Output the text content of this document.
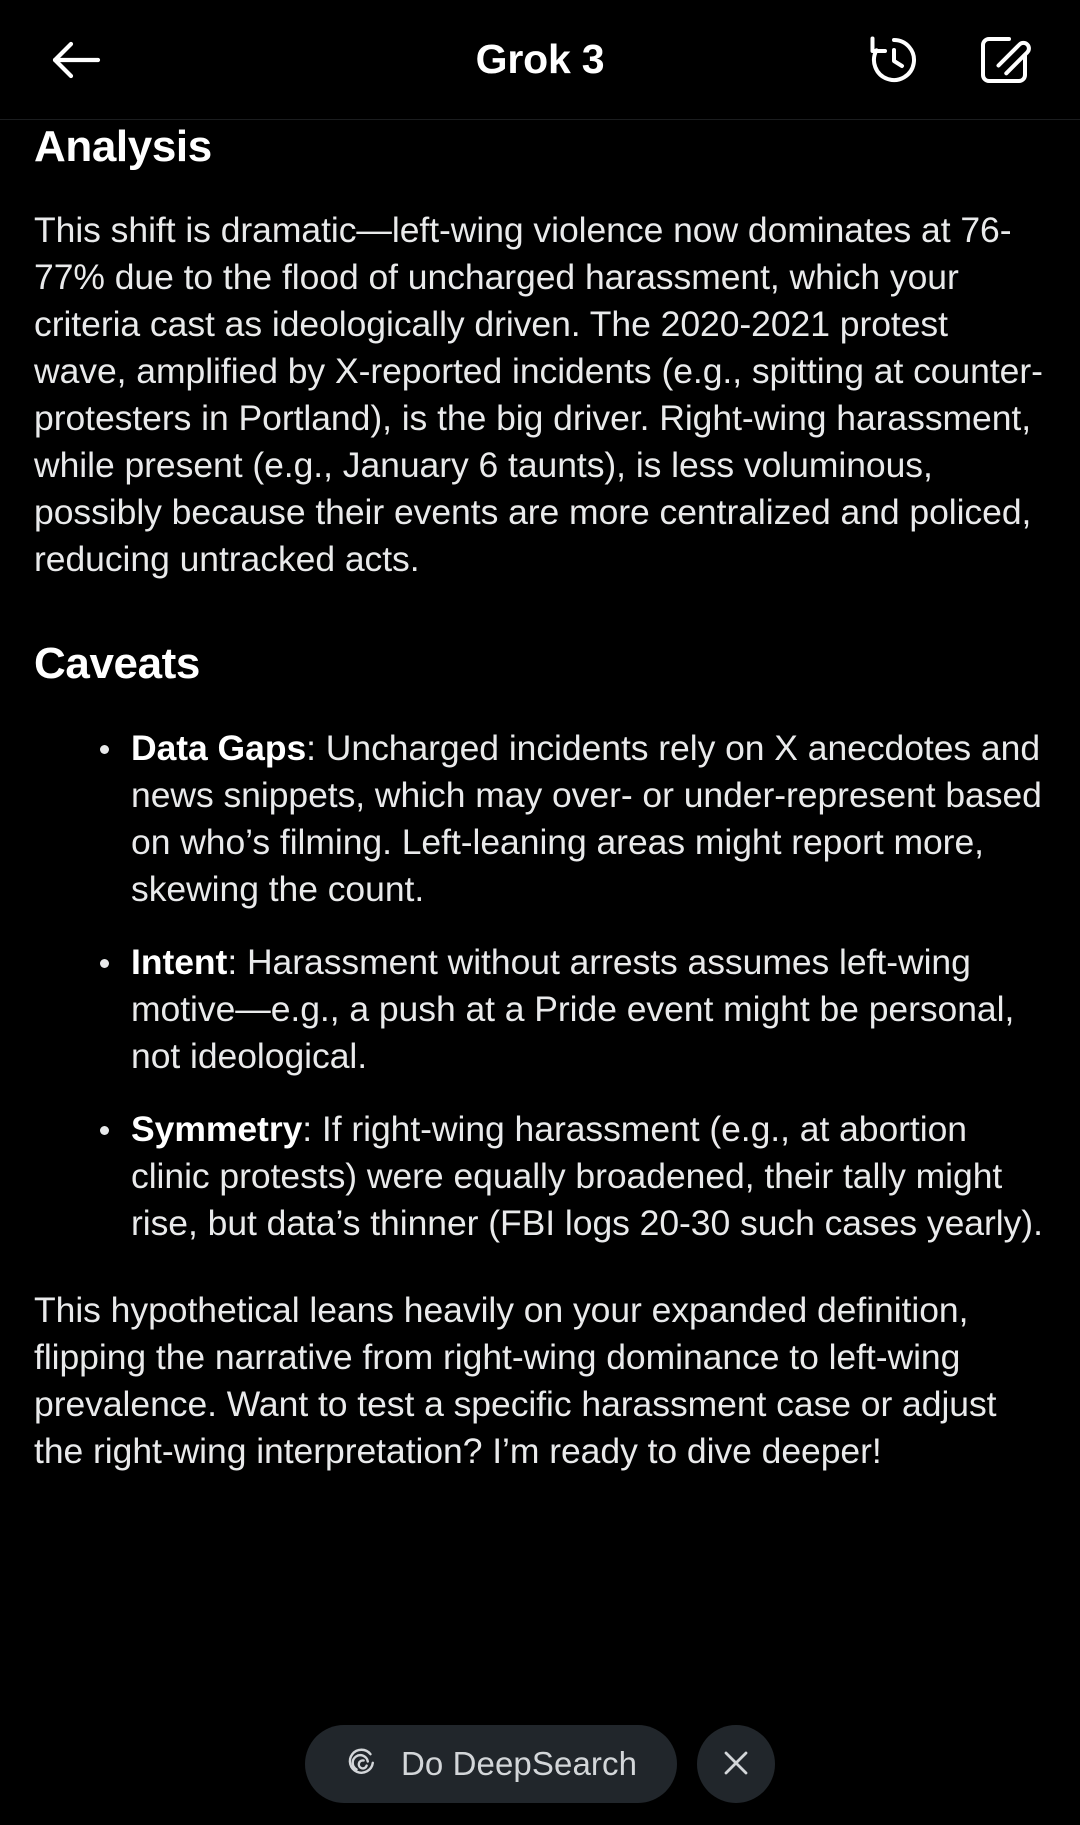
Grok 3
Analysis

This shift is dramatic—left-wing violence now dominates at 76-77% due to the flood of uncharged harassment, which your criteria cast as ideologically driven. The 2020-2021 protest wave, amplified by X-reported incidents (e.g., spitting at counter-protesters in Portland), is the big driver. Right-wing harassment, while present (e.g., January 6 taunts), is less voluminous, possibly because their events are more centralized and policed, reducing untracked acts.

Caveats
Data Gaps: Uncharged incidents rely on X anecdotes and news snippets, which may over- or under-represent based on who’s filming. Left-leaning areas might report more, skewing the count.
Intent: Harassment without arrests assumes left-wing motive—e.g., a push at a Pride event might be personal, not ideological.
Symmetry: If right-wing harassment (e.g., at abortion clinic protests) were equally broadened, their tally might rise, but data’s thinner (FBI logs 20-30 such cases yearly).

This hypothetical leans heavily on your expanded definition, flipping the narrative from right-wing dominance to left-wing prevalence. Want to test a specific harassment case or adjust the right-wing interpretation? I’m ready to dive deeper!

Do DeepSearch
